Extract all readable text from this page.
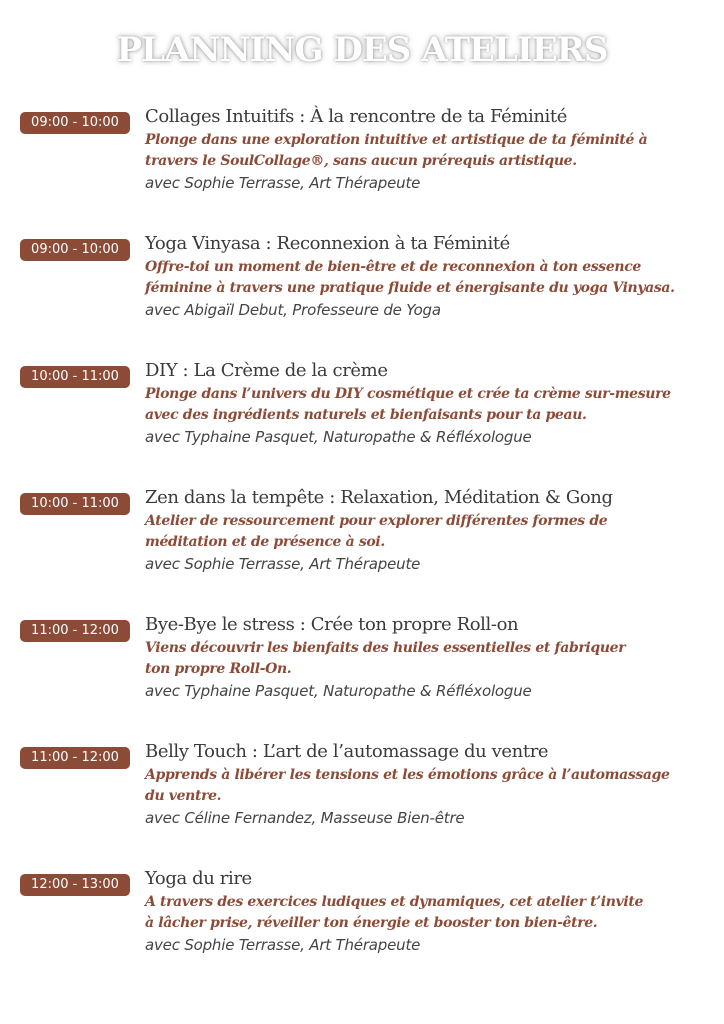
PLANNING DES ATELIERS
09:00 - 10:00	Collages Intuitifs : À la rencontre de ta Féminité
Plonge dans une exploration intuitive et artistique de ta féminité à
travers le SoulCollage®, sans aucun prérequis artistique.
avec Sophie Terrasse, Art Thérapeute
09:00 - 10:00	Yoga Vinyasa : Reconnexion à ta Féminité
Offre-toi un moment de bien-être et de reconnexion à ton essence
féminine à travers une pratique fluide et énergisante du yoga Vinyasa.
avec Abigaïl Debut, Professeure de Yoga
10:00 - 11:00	DIY : La Crème de la crème
Plonge dans l’univers du DIY cosmétique et crée ta crème sur-mesure
avec des ingrédients naturels et bienfaisants pour ta peau.
avec Typhaine Pasquet, Naturopathe & Réfléxologue
10:00 - 11:00	Zen dans la tempête : Relaxation, Méditation & Gong
Atelier de ressourcement pour explorer différentes formes de
méditation et de présence à soi.
avec Sophie Terrasse, Art Thérapeute
11:00 - 12:00	Bye-Bye le stress : Crée ton propre Roll-on
Viens découvrir les bienfaits des huiles essentielles et fabriquer
ton propre Roll-On.
avec Typhaine Pasquet, Naturopathe & Réfléxologue
11:00 - 12:00	Belly Touch : L’art de l’automassage du ventre
Apprends à libérer les tensions et les émotions grâce à l’automassage
du ventre.
avec Céline Fernandez, Masseuse Bien-être
12:00 - 13:00	Yoga du rire
A travers des exercices ludiques et dynamiques, cet atelier t’invite
à lâcher prise, réveiller ton énergie et booster ton bien-être.
avec Sophie Terrasse, Art Thérapeute
